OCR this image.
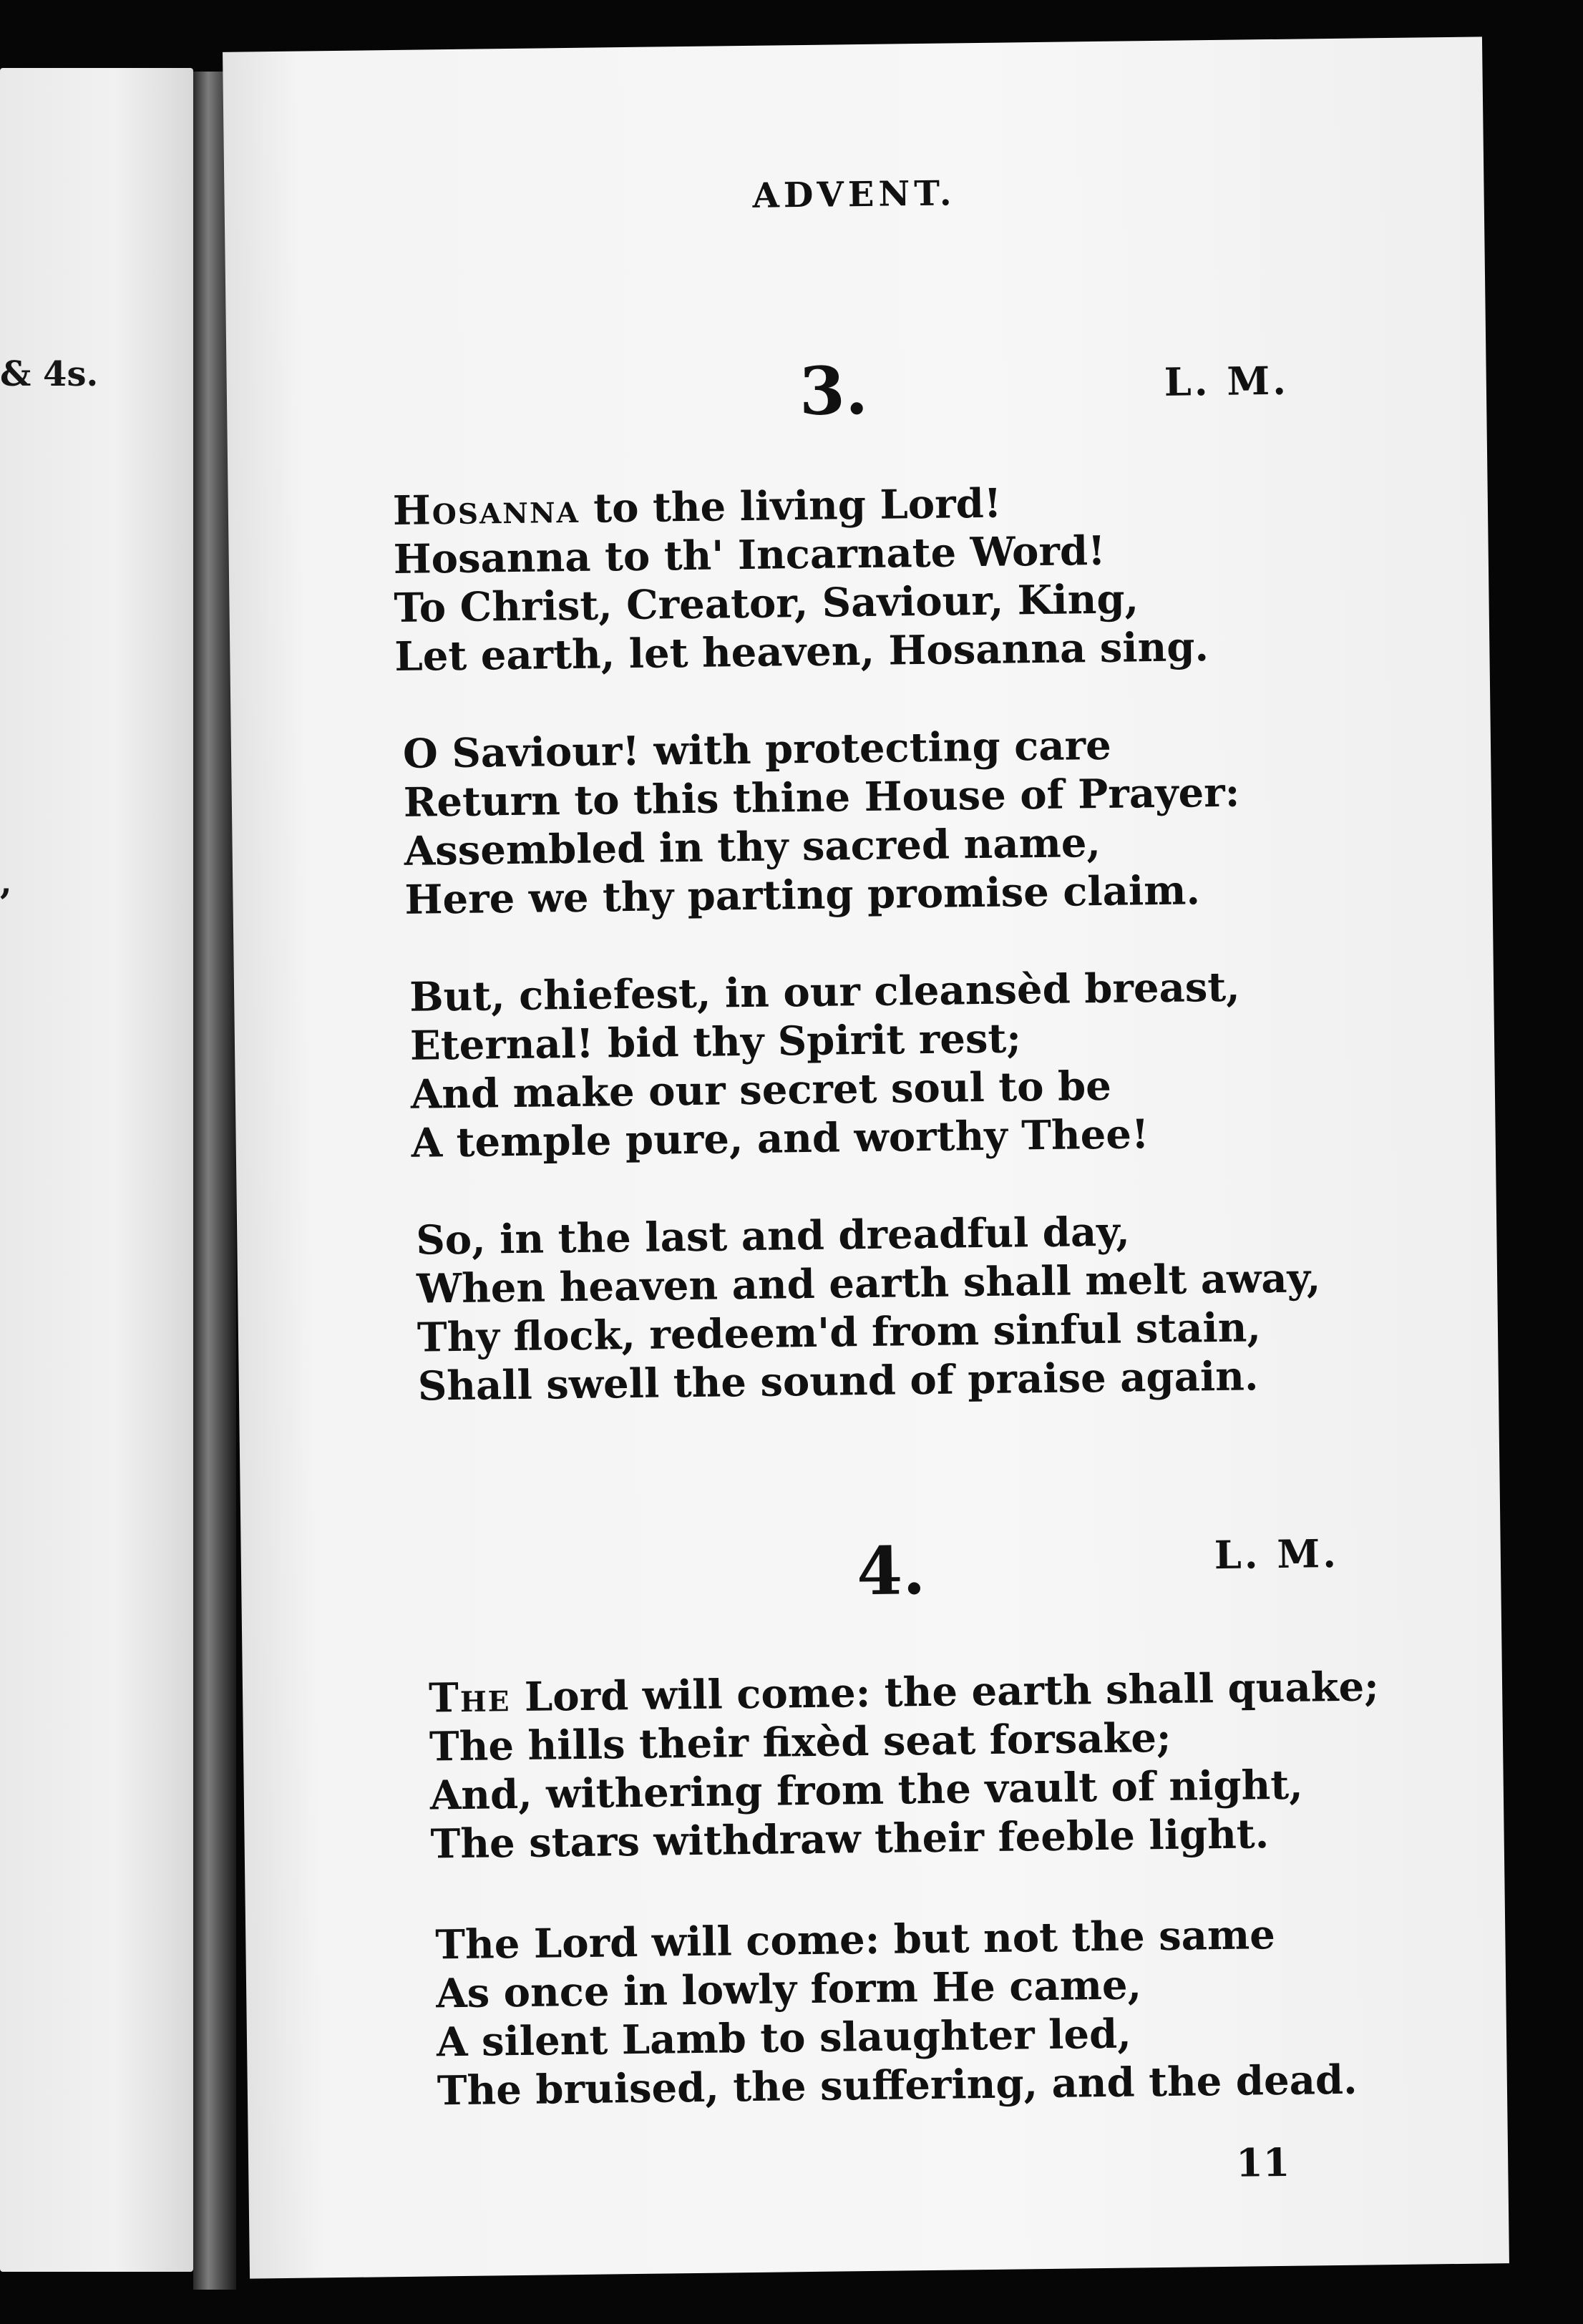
& 4s.
,
ADVENT.
3.	L. M.
Hosanna to the living Lord!
Hosanna to th' Incarnate Word!
To Christ, Creator, Saviour, King,
Let earth, let heaven, Hosanna sing.
O Saviour! with protecting care
Return to this thine House of Prayer:
Assembled in thy sacred name,
Here we thy parting promise claim.
But, chiefest, in our cleansèd breast,
Eternal! bid thy Spirit rest;
And make our secret soul to be
A temple pure, and worthy Thee!
So, in the last and dreadful day,
When heaven and earth shall melt away,
Thy flock, redeem'd from sinful stain,
Shall swell the sound of praise again.
4.	L. M.
The Lord will come: the earth shall quake;
The hills their fixèd seat forsake;
And, withering from the vault of night,
The stars withdraw their feeble light.
The Lord will come: but not the same
As once in lowly form He came,
A silent Lamb to slaughter led,
The bruised, the suffering, and the dead.
11
